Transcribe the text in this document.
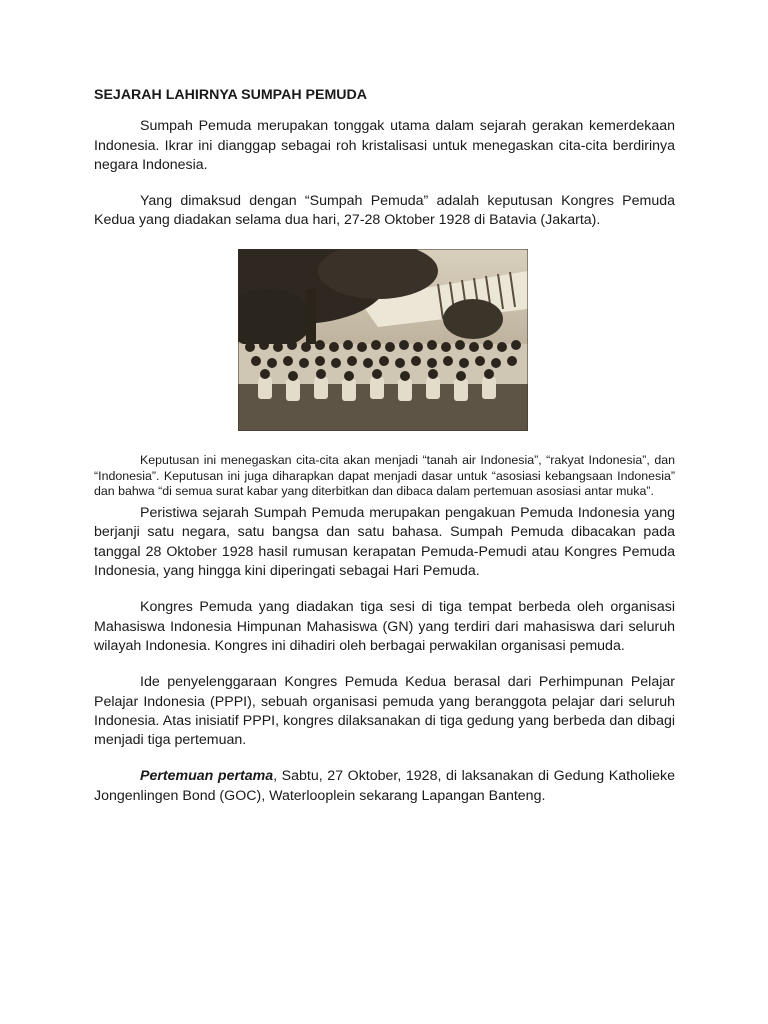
SEJARAH LAHIRNYA SUMPAH PEMUDA

Sumpah Pemuda merupakan tonggak utama dalam sejarah gerakan kemerdekaan Indonesia. Ikrar ini dianggap sebagai roh kristalisasi untuk menegaskan cita-cita berdirinya negara Indonesia.

Yang dimaksud dengan “Sumpah Pemuda” adalah keputusan Kongres Pemuda Kedua yang diadakan selama dua hari, 27-28 Oktober 1928 di Batavia (Jakarta).

Keputusan ini menegaskan cita-cita akan menjadi “tanah air Indonesia”, “rakyat Indonesia”, dan “Indonesia”. Keputusan ini juga diharapkan dapat menjadi dasar untuk “asosiasi kebangsaan Indonesia” dan bahwa “di semua surat kabar yang diterbitkan dan dibaca dalam pertemuan asosiasi antar muka”.

Peristiwa sejarah Sumpah Pemuda merupakan pengakuan Pemuda Indonesia yang berjanji satu negara, satu bangsa dan satu bahasa. Sumpah Pemuda dibacakan pada tanggal 28 Oktober 1928 hasil rumusan kerapatan Pemuda-Pemudi atau Kongres Pemuda Indonesia, yang hingga kini diperingati sebagai Hari Pemuda.

Kongres Pemuda yang diadakan tiga sesi di tiga tempat berbeda oleh organisasi Mahasiswa Indonesia Himpunan Mahasiswa (GN) yang terdiri dari mahasiswa dari seluruh wilayah Indonesia. Kongres ini dihadiri oleh berbagai perwakilan organisasi pemuda.

Ide penyelenggaraan Kongres Pemuda Kedua berasal dari Perhimpunan Pelajar Pelajar Indonesia (PPPI), sebuah organisasi pemuda yang beranggota pelajar dari seluruh Indonesia. Atas inisiatif PPPI, kongres dilaksanakan di tiga gedung yang berbeda dan dibagi menjadi tiga pertemuan.

Pertemuan pertama, Sabtu, 27 Oktober, 1928, di laksanakan di Gedung Katholieke Jongenlingen Bond (GOC), Waterlooplein sekarang Lapangan Banteng.
